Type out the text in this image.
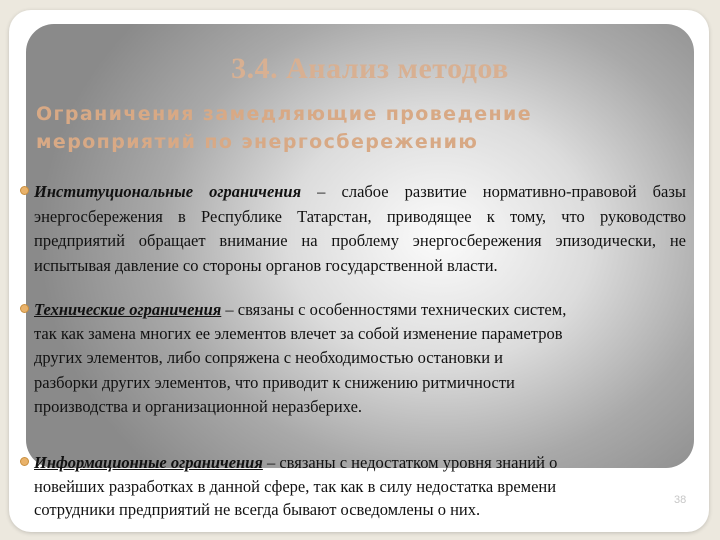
3.4. Анализ методов
Ограничения замедляющие проведение
мероприятий по энергосбережению
Институциональные ограничения – слабое развитие нормативно-правовой базы энергосбережения в Республике Татарстан, приводящее к тому, что руководство предприятий обращает внимание на проблему энергосбережения эпизодически, не испытывая давление со стороны органов государственной власти.
Технические ограничения – связаны с особенностями технических систем,
так как замена многих ее элементов влечет за собой изменение параметров
других элементов, либо сопряжена с необходимостью остановки и
разборки других элементов, что приводит к снижению ритмичности
производства и организационной неразберихе.
Информационные ограничения – связаны с недостатком уровня знаний о
новейших разработках в данной сфере, так как в силу недостатка времени
сотрудники предприятий не всегда бывают осведомлены о них.	38
